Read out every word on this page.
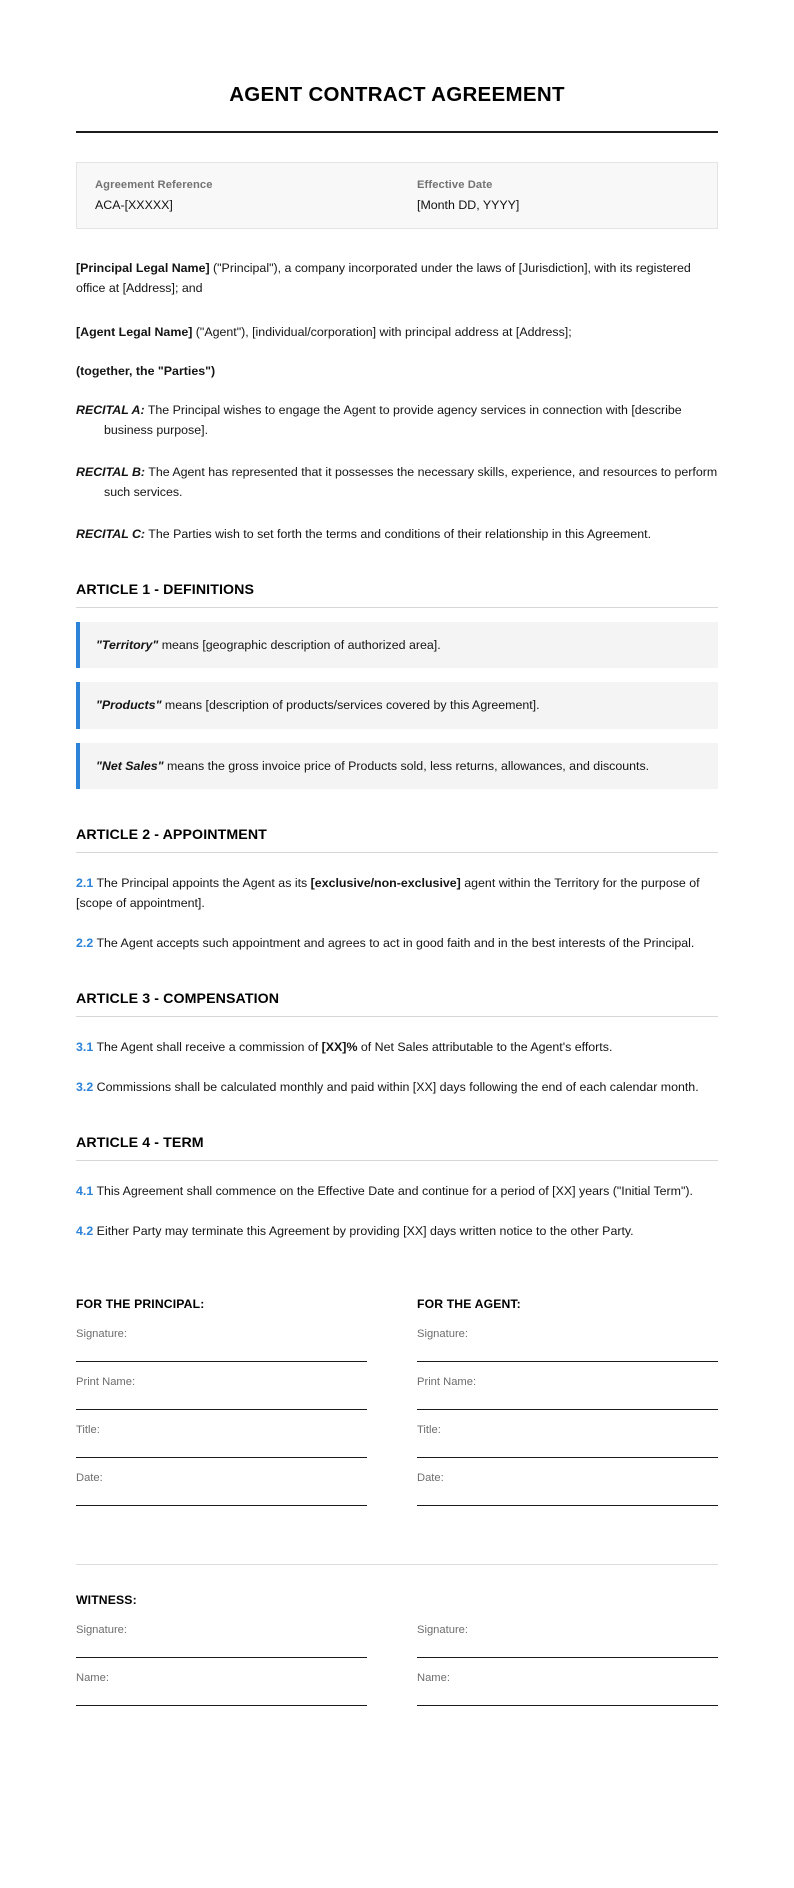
AGENT CONTRACT AGREEMENT
Agreement Reference
ACA-[XXXXX]
Effective Date
[Month DD, YYYY]

[Principal Legal Name] ("Principal"), a company incorporated under the laws of [Jurisdiction], with its registered office at [Address]; and

[Agent Legal Name] ("Agent"), [individual/corporation] with principal address at [Address];

(together, the "Parties")

RECITAL A: The Principal wishes to engage the Agent to provide agency services in connection with [describe business purpose].

RECITAL B: The Agent has represented that it possesses the necessary skills, experience, and resources to perform such services.

RECITAL C: The Parties wish to set forth the terms and conditions of their relationship in this Agreement.

ARTICLE 1 - DEFINITIONS
"Territory" means [geographic description of authorized area].
"Products" means [description of products/services covered by this Agreement].
"Net Sales" means the gross invoice price of Products sold, less returns, allowances, and discounts.
ARTICLE 2 - APPOINTMENT

2.1 The Principal appoints the Agent as its [exclusive/non-exclusive] agent within the Territory for the purpose of [scope of appointment].

2.2 The Agent accepts such appointment and agrees to act in good faith and in the best interests of the Principal.

ARTICLE 3 - COMPENSATION

3.1 The Agent shall receive a commission of [XX]% of Net Sales attributable to the Agent's efforts.

3.2 Commissions shall be calculated monthly and paid within [XX] days following the end of each calendar month.

ARTICLE 4 - TERM

4.1 This Agreement shall commence on the Effective Date and continue for a period of [XX] years ("Initial Term").

4.2 Either Party may terminate this Agreement by providing [XX] days written notice to the other Party.

FOR THE PRINCIPAL:
Signature:
Print Name:
Title:
Date:
FOR THE AGENT:
Signature:
Print Name:
Title:
Date:
WITNESS:
Signature:
Name:
Signature:
Name:
